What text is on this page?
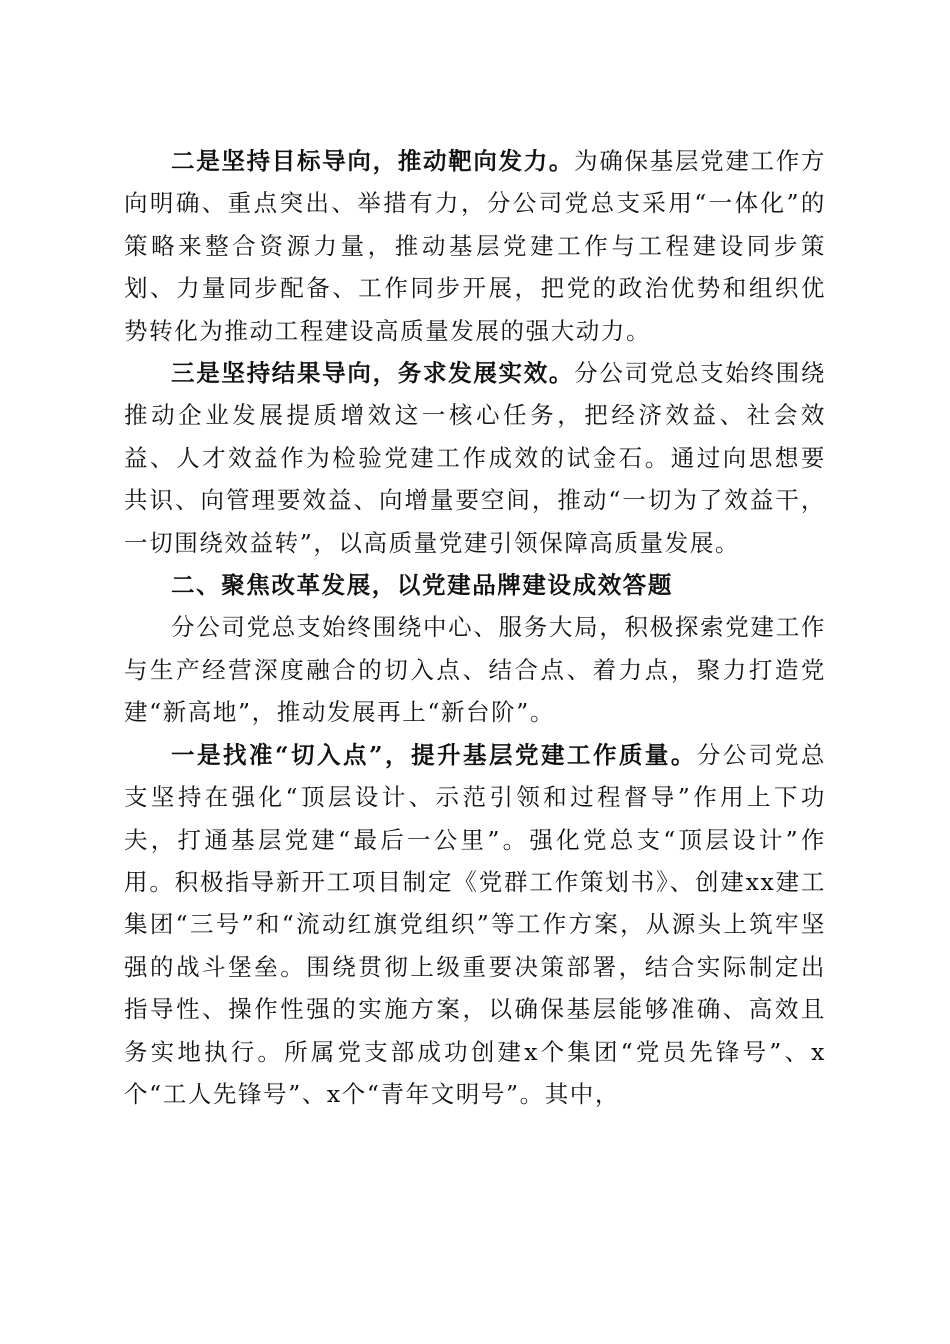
二是坚持目标导向，推动靶向发力。为确保基层党建工作方向明确、重点突出、举措有力，分公司党总支采用“一体化”的策略来整合资源力量，推动基层党建工作与工程建设同步策划、力量同步配备、工作同步开展，把党的政治优势和组织优势转化为推动工程建设高质量发展的强大动力。

三是坚持结果导向，务求发展实效。分公司党总支始终围绕推动企业发展提质增效这一核心任务，把经济效益、社会效益、人才效益作为检验党建工作成效的试金石。通过向思想要共识、向管理要效益、向增量要空间，推动“一切为了效益干，一切围绕效益转”，以高质量党建引领保障高质量发展。

二、聚焦改革发展，以党建品牌建设成效答题

分公司党总支始终围绕中心、服务大局，积极探索党建工作与生产经营深度融合的切入点、结合点、着力点，聚力打造党建“新高地”，推动发展再上“新台阶”。

一是找准“切入点”，提升基层党建工作质量。分公司党总支坚持在强化“顶层设计、示范引领和过程督导”作用上下功夫，打通基层党建“最后一公里”。强化党总支“顶层设计”作用。积极指导新开工项目制定《党群工作策划书》、创建xx建工集团“三号”和“流动红旗党组织”等工作方案，从源头上筑牢坚强的战斗堡垒。围绕贯彻上级重要决策部署，结合实际制定出指导性、操作性强的实施方案，以确保基层能够准确、高效且务实地执行。所属党支部成功创建x个集团“党员先锋号”、x个“工人先锋号”、x个“青年文明号”。其中，
